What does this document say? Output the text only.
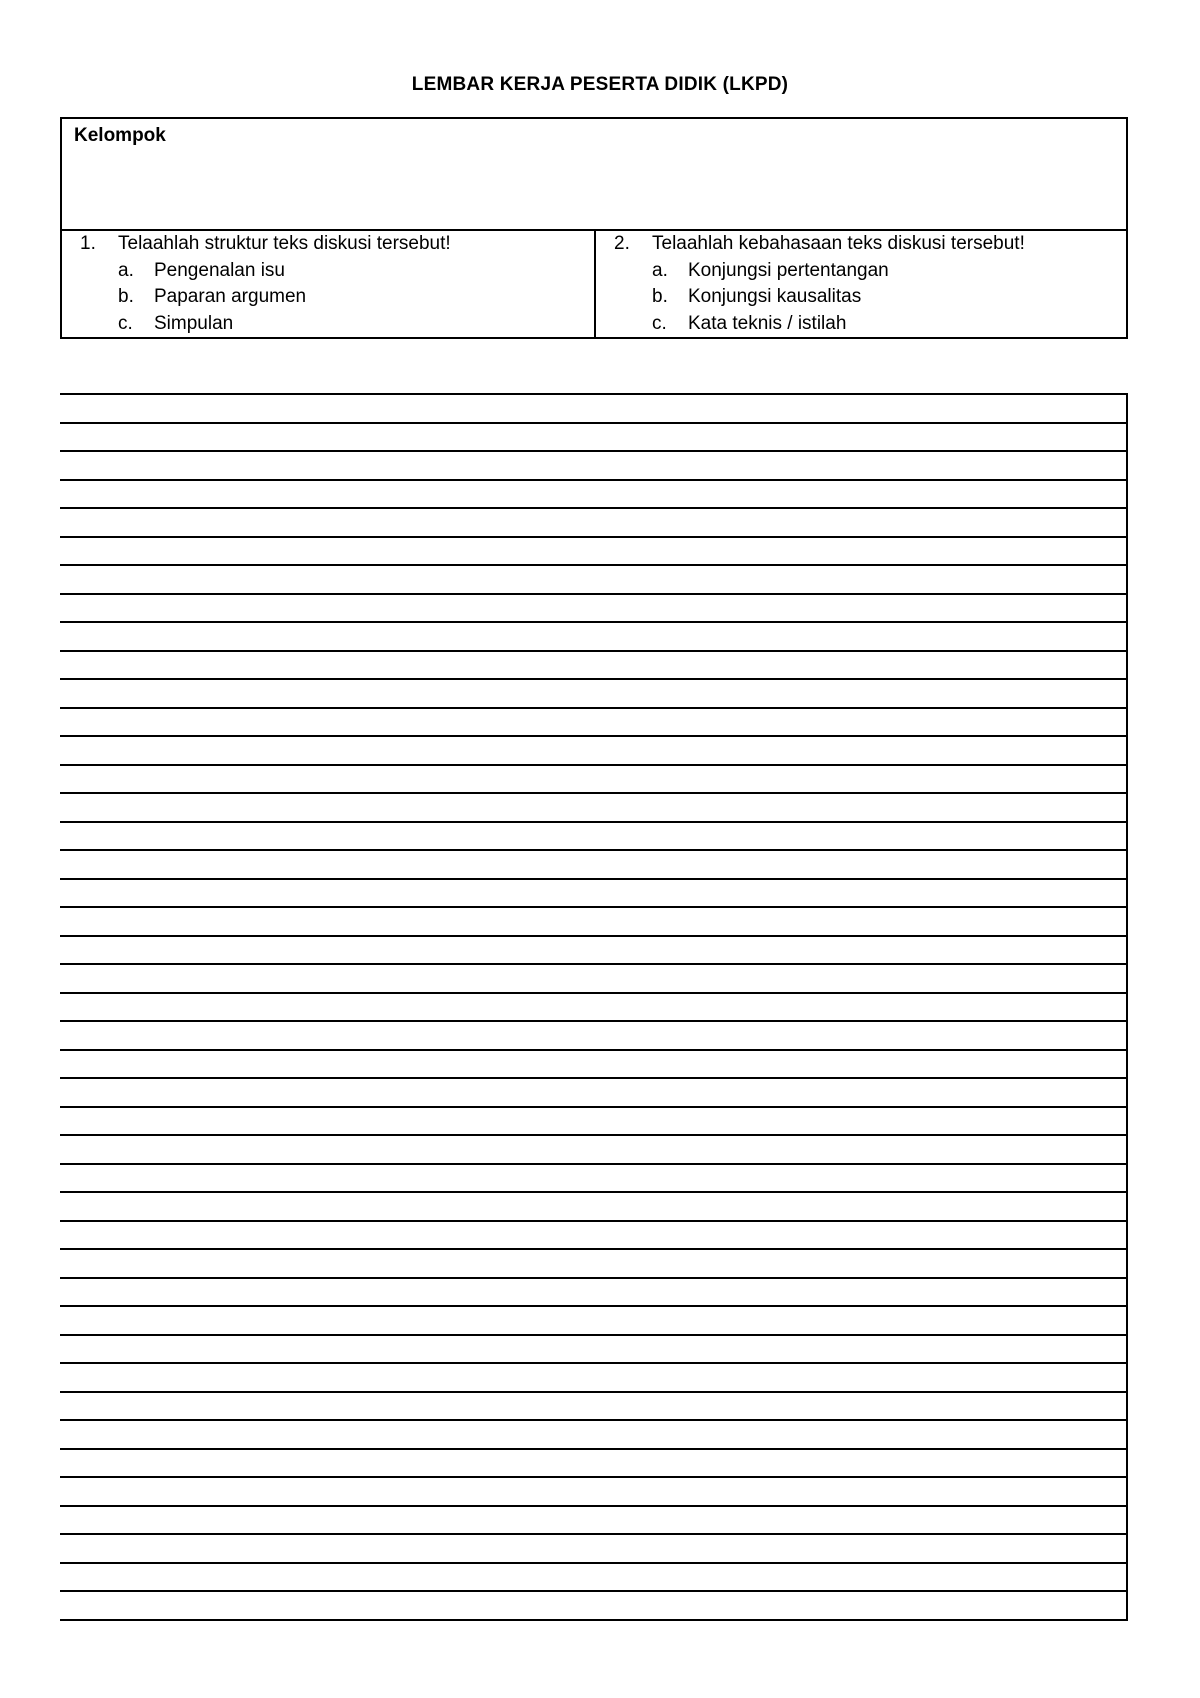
LEMBAR KERJA PESERTA DIDIK (LKPD)
Kelompok
1. Telaahlah struktur teks diskusi tersebut!
a. Pengenalan isu
b. Paparan argumen
c. Simpulan
2. Telaahlah kebahasaan teks diskusi tersebut!
a. Konjungsi pertentangan
b. Konjungsi kausalitas
c. Kata teknis / istilah
